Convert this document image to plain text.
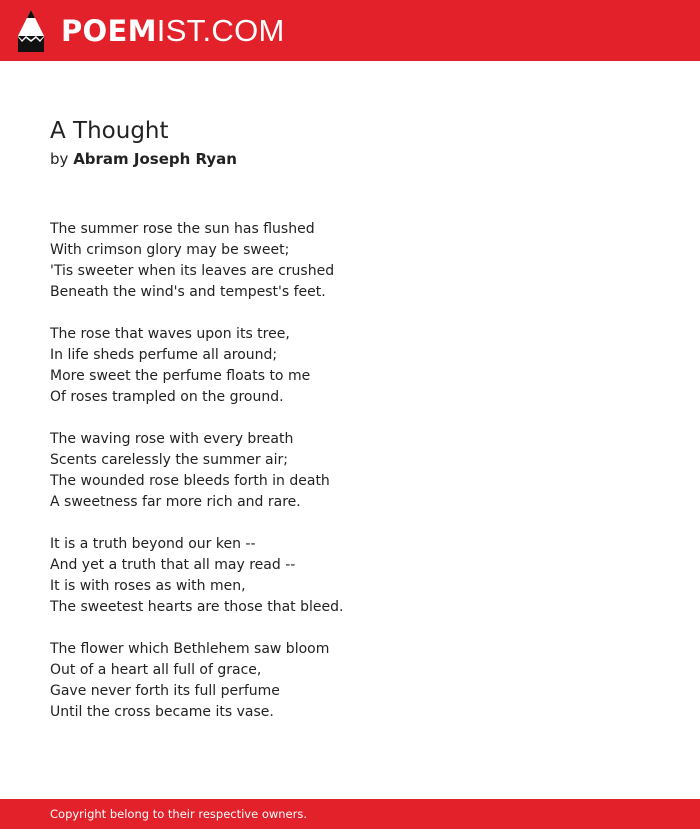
POEMIST.COM
A Thought
by Abram Joseph Ryan
The summer rose the sun has flushed
With crimson glory may be sweet;
'Tis sweeter when its leaves are crushed
Beneath the wind's and tempest's feet.
The rose that waves upon its tree,
In life sheds perfume all around;
More sweet the perfume floats to me
Of roses trampled on the ground.
The waving rose with every breath
Scents carelessly the summer air;
The wounded rose bleeds forth in death
A sweetness far more rich and rare.
It is a truth beyond our ken --
And yet a truth that all may read --
It is with roses as with men,
The sweetest hearts are those that bleed.
The flower which Bethlehem saw bloom
Out of a heart all full of grace,
Gave never forth its full perfume
Until the cross became its vase.
Copyright belong to their respective owners.
